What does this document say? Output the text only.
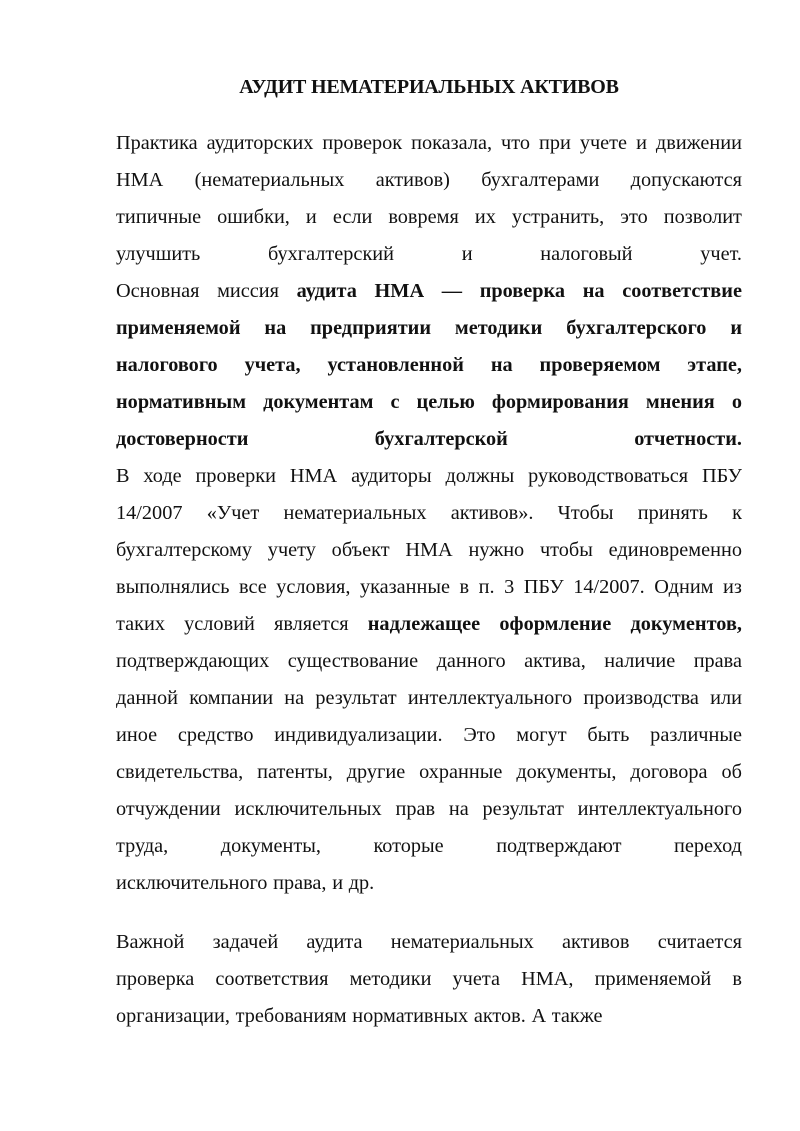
АУДИТ НЕМАТЕРИАЛЬНЫХ АКТИВОВ
Практика аудиторских проверок показала, что при учете и движении
НМА (нематериальных активов) бухгалтерами допускаются
типичные ошибки, и если вовремя их устранить, это позволит
улучшить	бухгалтерский	и	налоговый	учет.
Основная миссия аудита НМА — проверка на соответствие
применяемой на предприятии методики бухгалтерского и
налогового учета, установленной на проверяемом этапе,
нормативным документам с целью формирования мнения о
достоверности	бухгалтерской	отчетности.
В ходе проверки НМА аудиторы должны руководствоваться ПБУ
14/2007 «Учет нематериальных активов». Чтобы принять к
бухгалтерскому учету объект НМА нужно чтобы единовременно
выполнялись все условия, указанные в п. 3 ПБУ 14/2007. Одним из
таких условий является надлежащее оформление документов,
подтверждающих существование данного актива, наличие права
данной компании на результат интеллектуального производства или
иное средство индивидуализации. Это могут быть различные
свидетельства, патенты, другие охранные документы, договора об
отчуждении исключительных прав на результат интеллектуального
труда,	документы,	которые	подтверждают	переход
исключительного права, и др.
Важной задачей аудита нематериальных активов считается
проверка соответствия методики учета НМА, применяемой в
организации, требованиям нормативных актов. А также
